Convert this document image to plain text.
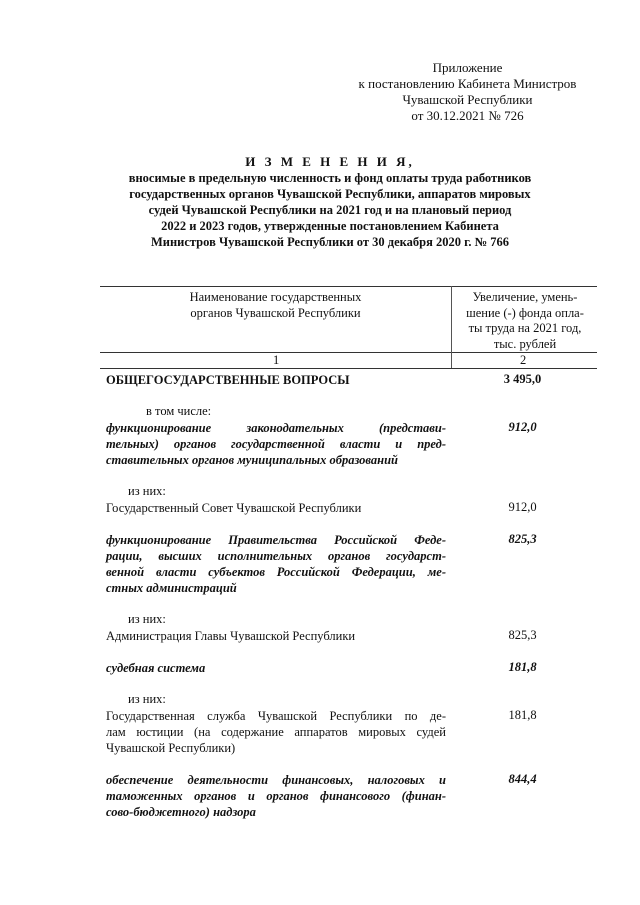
Приложение
к постановлению Кабинета Министров
Чувашской Республики
от 30.12.2021 № 726
И З М Е Н Е Н И Я,
вносимые в предельную численность и фонд оплаты труда работников
государственных органов Чувашской Республики, аппаратов мировых
судей Чувашской Республики на 2021 год и на плановый период
2022 и 2023 годов, утвержденные постановлением Кабинета
Министров Чувашской Республики от 30 декабря 2020 г. № 766
Наименование государственных
органов Чувашской Республики
Увеличение, умень-
шение (-) фонда опла-
ты труда на 2021 год,
тыс. рублей
1	2
ОБЩЕГОСУДАРСТВЕННЫЕ ВОПРОСЫ	3 495,0
в том числе:
функционирование законодательных (представи-
тельных) органов государственной власти и пред-
ставительных органов муниципальных образований
912,0
из них:
Государственный Совет Чувашской Республики	912,0
функционирование Правительства Российской Феде-
рации, высших исполнительных органов государст-
венной власти субъектов Российской Федерации, ме-
стных администраций
825,3
из них:
Администрация Главы Чувашской Республики	825,3
судебная система	181,8
из них:
Государственная служба Чувашской Республики по де-
лам юстиции (на содержание аппаратов мировых судей
Чувашской Республики)
181,8
обеспечение деятельности финансовых, налоговых и
таможенных органов и органов финансового (финан-
сово-бюджетного) надзора
844,4
